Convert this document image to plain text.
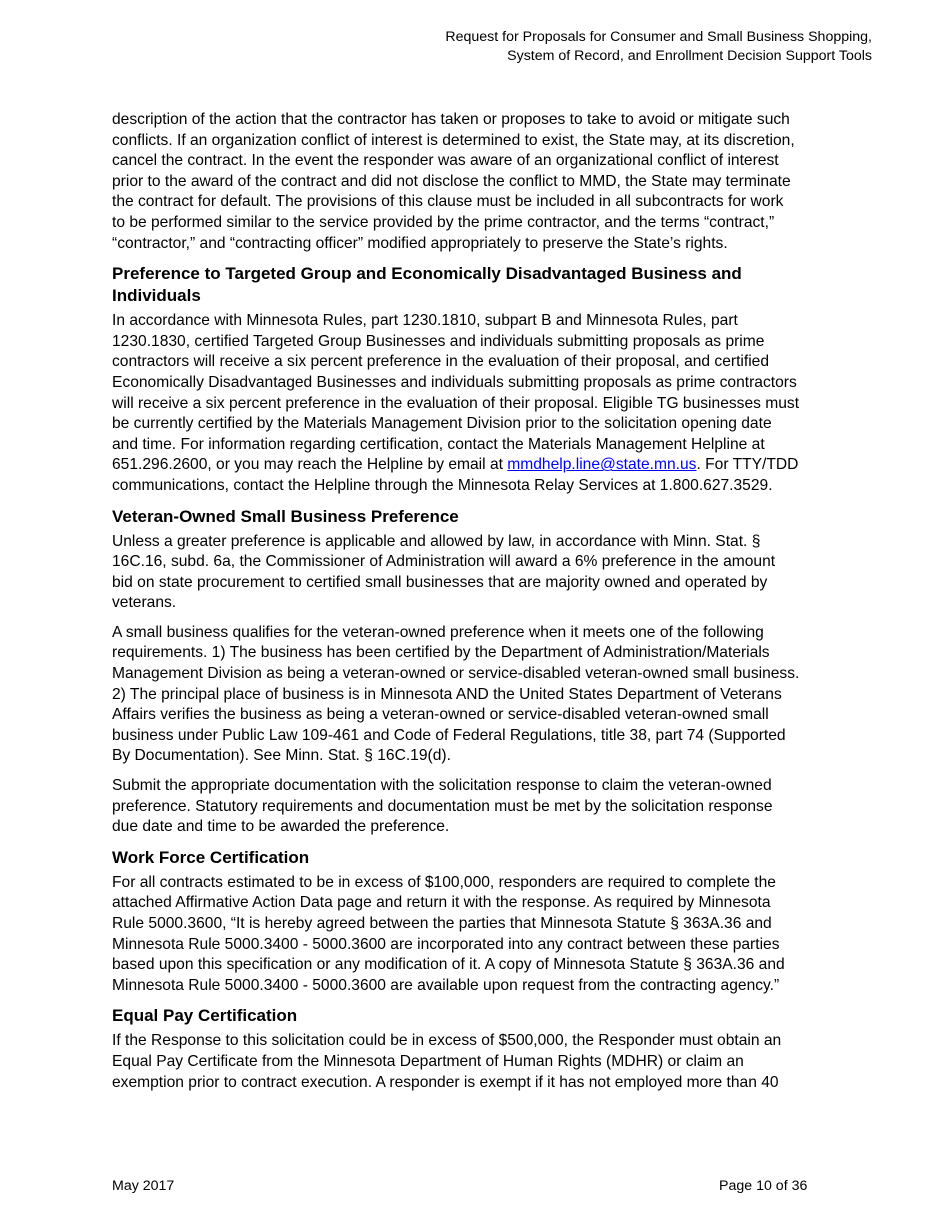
Request for Proposals for Consumer and Small Business Shopping,
System of Record, and Enrollment Decision Support Tools
description of the action that the contractor has taken or proposes to take to avoid or mitigate such
conflicts. If an organization conflict of interest is determined to exist, the State may, at its discretion,
cancel the contract. In the event the responder was aware of an organizational conflict of interest
prior to the award of the contract and did not disclose the conflict to MMD, the State may terminate
the contract for default. The provisions of this clause must be included in all subcontracts for work
to be performed similar to the service provided by the prime contractor, and the terms “contract,”
“contractor,” and “contracting officer” modified appropriately to preserve the State’s rights.
Preference to Targeted Group and Economically Disadvantaged Business and
Individuals
In accordance with Minnesota Rules, part 1230.1810, subpart B and Minnesota Rules, part
1230.1830, certified Targeted Group Businesses and individuals submitting proposals as prime
contractors will receive a six percent preference in the evaluation of their proposal, and certified
Economically Disadvantaged Businesses and individuals submitting proposals as prime contractors
will receive a six percent preference in the evaluation of their proposal. Eligible TG businesses must
be currently certified by the Materials Management Division prior to the solicitation opening date
and time. For information regarding certification, contact the Materials Management Helpline at
651.296.2600, or you may reach the Helpline by email at mmdhelp.line@state.mn.us. For TTY/TDD
communications, contact the Helpline through the Minnesota Relay Services at 1.800.627.3529.
Veteran-Owned Small Business Preference
Unless a greater preference is applicable and allowed by law, in accordance with Minn. Stat. §
16C.16, subd. 6a, the Commissioner of Administration will award a 6% preference in the amount
bid on state procurement to certified small businesses that are majority owned and operated by
veterans.
A small business qualifies for the veteran-owned preference when it meets one of the following
requirements. 1) The business has been certified by the Department of Administration/Materials
Management Division as being a veteran-owned or service-disabled veteran-owned small business.
2) The principal place of business is in Minnesota AND the United States Department of Veterans
Affairs verifies the business as being a veteran-owned or service-disabled veteran-owned small
business under Public Law 109-461 and Code of Federal Regulations, title 38, part 74 (Supported
By Documentation). See Minn. Stat. § 16C.19(d).
Submit the appropriate documentation with the solicitation response to claim the veteran-owned
preference. Statutory requirements and documentation must be met by the solicitation response
due date and time to be awarded the preference.
Work Force Certification
For all contracts estimated to be in excess of $100,000, responders are required to complete the
attached Affirmative Action Data page and return it with the response. As required by Minnesota
Rule 5000.3600, “It is hereby agreed between the parties that Minnesota Statute § 363A.36 and
Minnesota Rule 5000.3400 - 5000.3600 are incorporated into any contract between these parties
based upon this specification or any modification of it. A copy of Minnesota Statute § 363A.36 and
Minnesota Rule 5000.3400 - 5000.3600 are available upon request from the contracting agency.”
Equal Pay Certification
If the Response to this solicitation could be in excess of $500,000, the Responder must obtain an
Equal Pay Certificate from the Minnesota Department of Human Rights (MDHR) or claim an
exemption prior to contract execution. A responder is exempt if it has not employed more than 40
May 2017	Page 10 of 36
